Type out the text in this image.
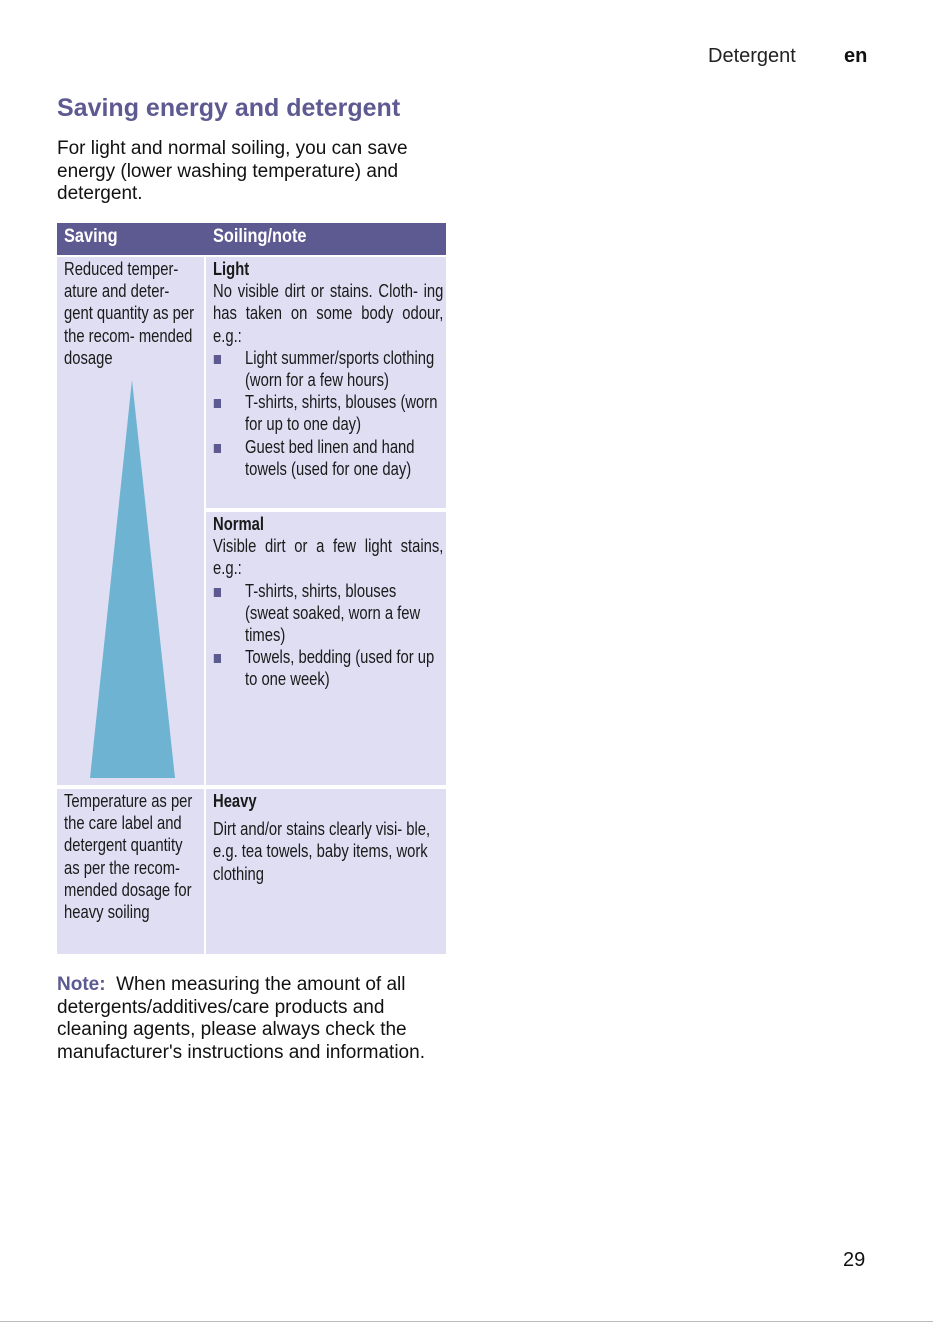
Detergent en
Saving energy and detergent

For light and normal soiling, you can save energy (lower washing temperature) and detergent.

Saving	Soiling/note
Reduced temper- ature and deter- gent quantity as per the recom- mended dosage
Temperature as per the care label and detergent quantity as per the recom- mended dosage for heavy soiling
Light
No visible dirt or stains. Cloth- ing has taken on some body odour, e.g.:
Light summer/sports clothing (worn for a few hours)
T-shirts, shirts, blouses (worn for up to one day)
Guest bed linen and hand towels (used for one day)
Normal
Visible dirt or a few light stains, e.g.:
T-shirts, shirts, blouses (sweat soaked, worn a few times)
Towels, bedding (used for up to one week)
Heavy
Dirt and/or stains clearly visi- ble, e.g. tea towels, baby items, work clothing

Note: When measuring the amount of all detergents/additives/care products and cleaning agents, please always check the manufacturer's instructions and information.

29
